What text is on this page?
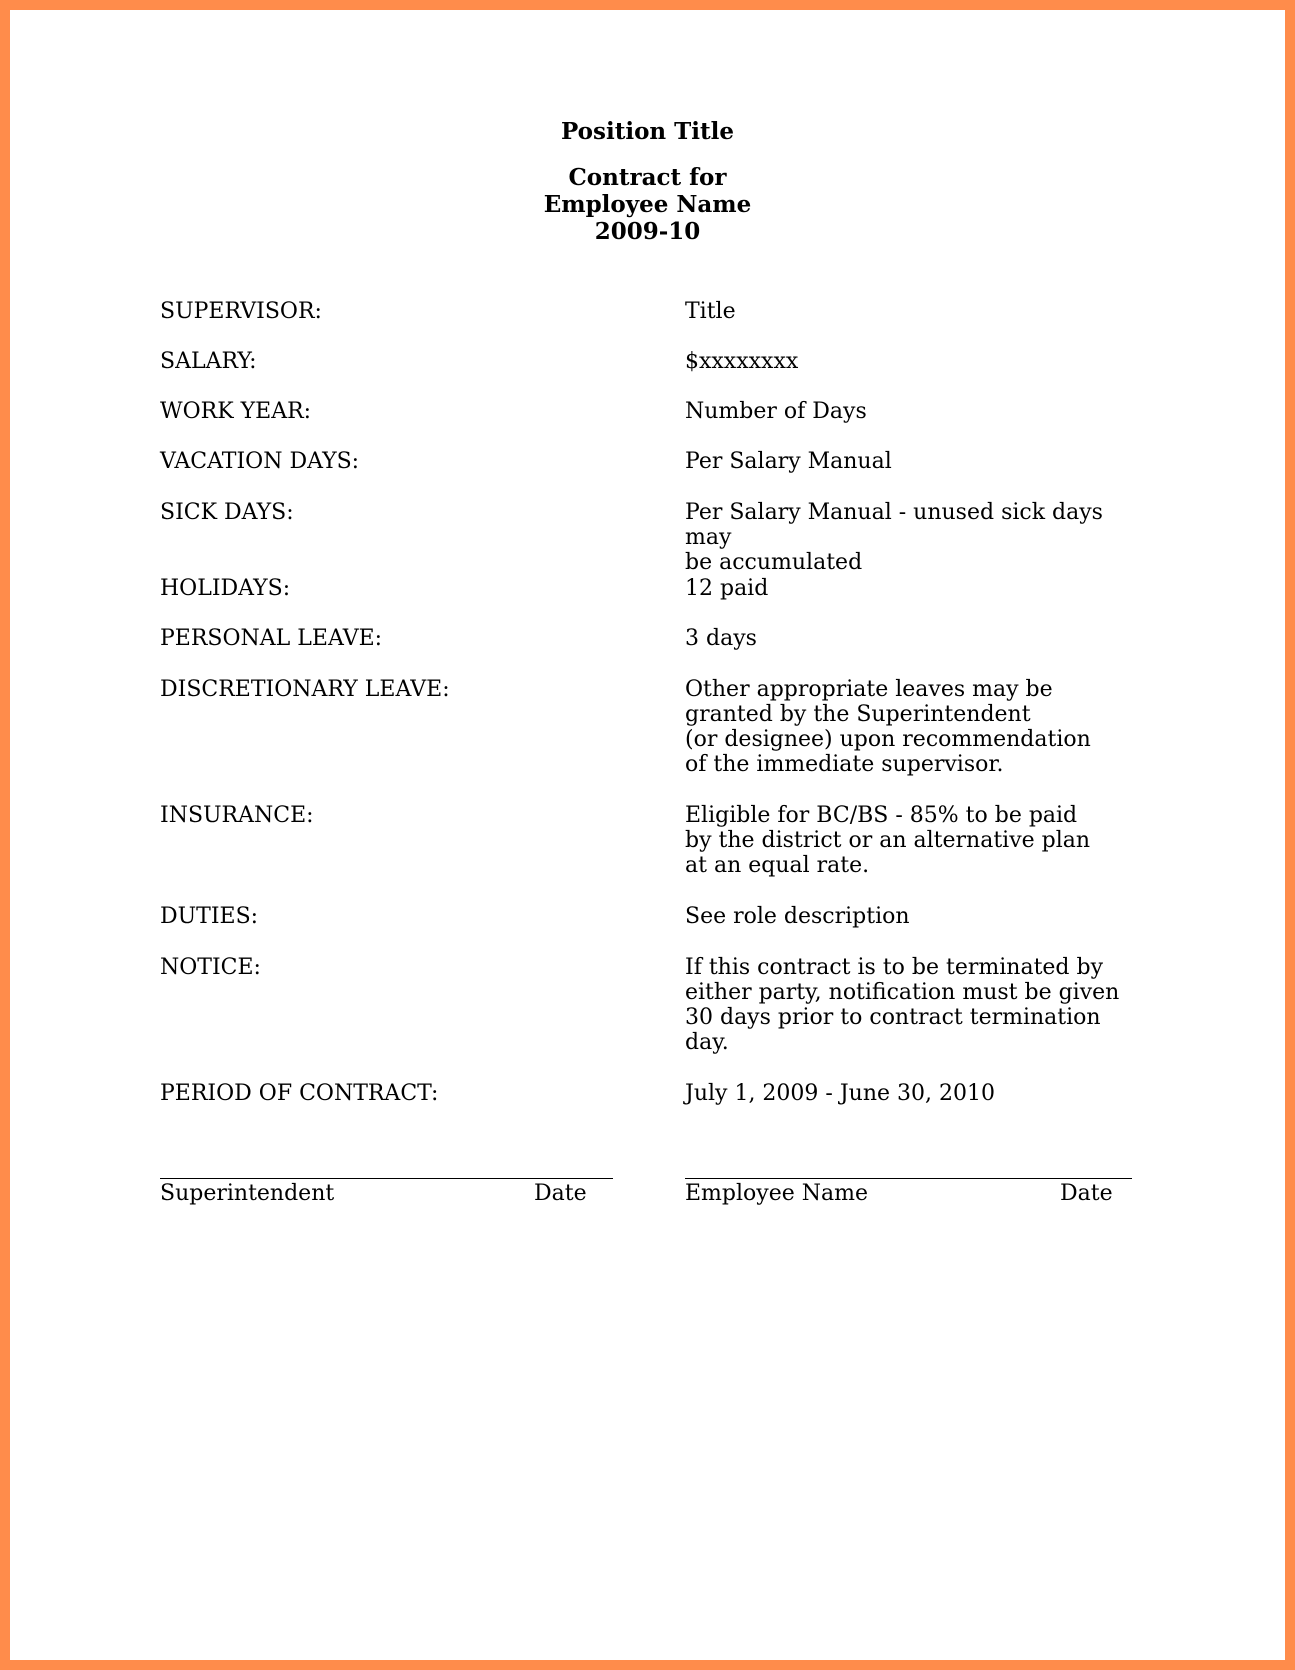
Position Title
Contract for
Employee Name
2009-10
SUPERVISOR:	Title
SALARY:	$xxxxxxxx
WORK YEAR:	Number of Days
VACATION DAYS:	Per Salary Manual
SICK DAYS:	Per Salary Manual - unused sick days may
be accumulated
HOLIDAYS:	12 paid
PERSONAL LEAVE:	3 days
DISCRETIONARY LEAVE:	Other appropriate leaves may be
granted by the Superintendent
(or designee) upon recommendation
of the immediate supervisor.
INSURANCE:	Eligible for BC/BS - 85% to be paid
by the district or an alternative plan
at an equal rate.
DUTIES:	See role description
NOTICE:	If this contract is to be terminated by
either party, notification must be given
30 days prior to contract termination
day.
PERIOD OF CONTRACT:	July 1, 2009 - June 30, 2010
Superintendent	Date	Employee Name	Date
